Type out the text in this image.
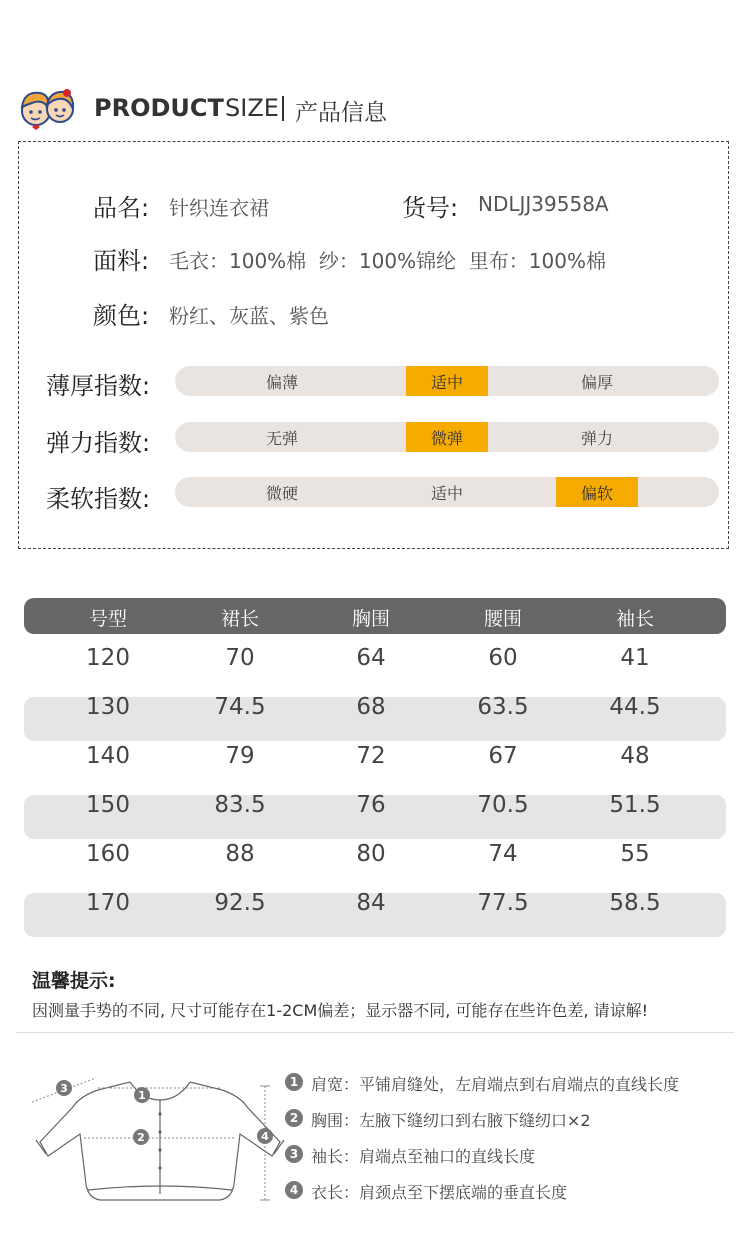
PRODUCT SIZE 产品信息
品名: 针织连衣裙	货号: NDLJJ39558A
面料: 毛衣：100%棉  纱：100%锦纶  里布：100%棉
颜色: 粉红、灰蓝、紫色
薄厚指数:	偏薄	适中	偏厚
弹力指数:	无弹	微弹	弹力
柔软指数:	微硬	适中	偏软
号型	裙长	胸围	腰围	袖长
120	70	64	60	41
130	74.5	68	63.5	44.5
140	79	72	67	48
150	83.5	76	70.5	51.5
160	88	80	74	55
170	92.5	84	77.5	58.5
温馨提示:
因测量手势的不同, 尺寸可能存在1-2CM偏差；显示器不同, 可能存在些许色差, 请谅解!
1
2
3
4
1 肩宽：平铺肩缝处，左肩端点到右肩端点的直线长度
2 胸围：左腋下缝纫口到右腋下缝纫口×2
3 袖长：肩端点至袖口的直线长度
4 衣长：肩颈点至下摆底端的垂直长度
